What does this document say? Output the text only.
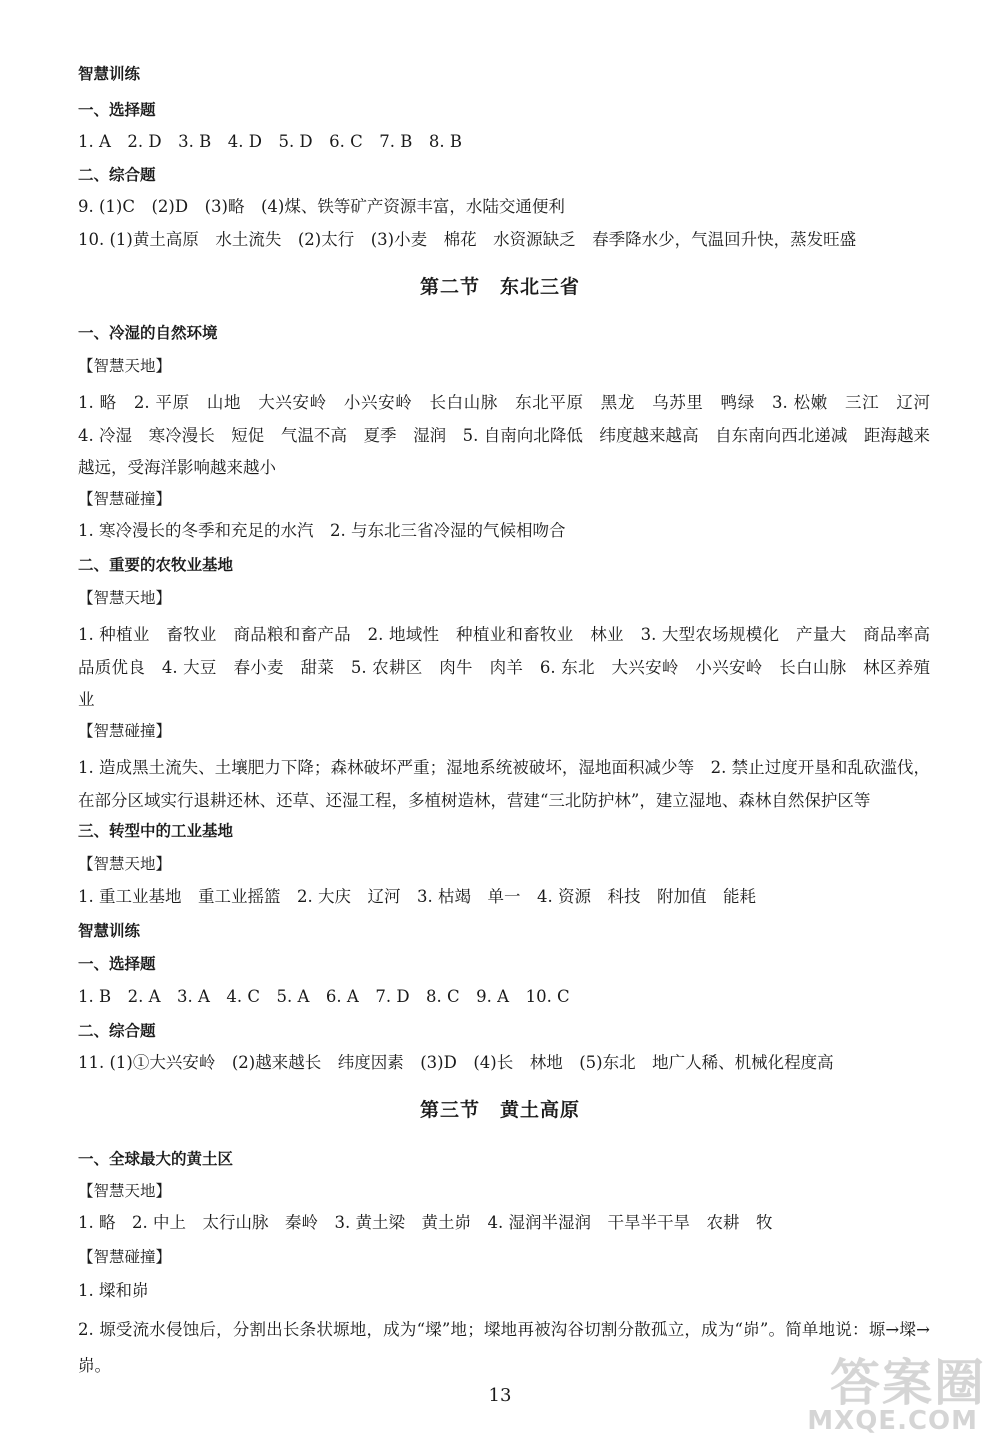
智慧训练
一、选择题
1. A　2. D　3. B　4. D　5. D　6. C　7. B　8. B
二、综合题
9. (1)C　(2)D　(3)略　(4)煤、铁等矿产资源丰富，水陆交通便利
10. (1)黄土高原　水土流失　(2)太行　(3)小麦　棉花　水资源缺乏　春季降水少，气温回升快，蒸发旺盛
第二节　东北三省
一、冷湿的自然环境
【智慧天地】
1. 略　2. 平原　山地　大兴安岭　小兴安岭　长白山脉　东北平原　黑龙　乌苏里　鸭绿　3. 松嫩　三江　辽河　4. 冷湿　寒冷漫长　短促　气温不高　夏季　湿润　5. 自南向北降低　纬度越来越高　自东南向西北递减　距海越来越远，受海洋影响越来越小
【智慧碰撞】
1. 寒冷漫长的冬季和充足的水汽　2. 与东北三省冷湿的气候相吻合
二、重要的农牧业基地
【智慧天地】
1. 种植业　畜牧业　商品粮和畜产品　2. 地域性　种植业和畜牧业　林业　3. 大型农场规模化　产量大　商品率高　品质优良　4. 大豆　春小麦　甜菜　5. 农耕区　肉牛　肉羊　6. 东北　大兴安岭　小兴安岭　长白山脉　林区养殖业
【智慧碰撞】
1. 造成黑土流失、土壤肥力下降；森林破坏严重；湿地系统被破坏，湿地面积减少等　2. 禁止过度开垦和乱砍滥伐，在部分区域实行退耕还林、还草、还湿工程，多植树造林，营建“三北防护林”，建立湿地、森林自然保护区等
三、转型中的工业基地
【智慧天地】
1. 重工业基地　重工业摇篮　2. 大庆　辽河　3. 枯竭　单一　4. 资源　科技　附加值　能耗
智慧训练
一、选择题
1. B　2. A　3. A　4. C　5. A　6. A　7. D　8. C　9. A　10. C
二、综合题
11. (1)①大兴安岭　(2)越来越长　纬度因素　(3)D　(4)长　林地　(5)东北　地广人稀、机械化程度高
第三节　黄土高原
一、全球最大的黄土区
【智慧天地】
1. 略　2. 中上　太行山脉　秦岭　3. 黄土梁　黄土峁　4. 湿润半湿润　干旱半干旱　农耕　牧
【智慧碰撞】
1. 墚和峁
2. 塬受流水侵蚀后，分割出长条状塬地，成为“墚”地；墚地再被沟谷切割分散孤立，成为“峁”。简单地说：塬→墚→峁。
13	答案圈
MXQE.COM
